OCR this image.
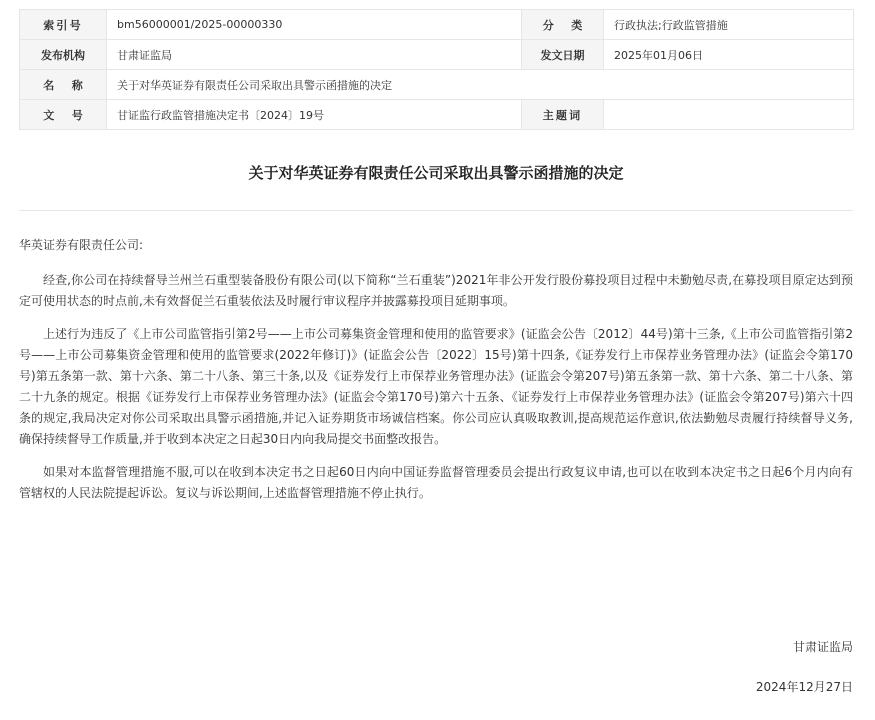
索引号	bm56000001/2025-00000330	分类	行政执法;行政监管措施
发布机构	甘肃证监局	发文日期	2025年01月06日
名称	关于对华英证券有限责任公司采取出具警示函措施的决定		
文号	甘证监行政监管措施决定书〔2024〕19号	主题词	
关于对华英证券有限责任公司采取出具警示函措施的决定

华英证券有限责任公司:

经查,你公司在持续督导兰州兰石重型装备股份有限公司(以下简称“兰石重装”)2021年非公开发行股份募投项目过程中未勤勉尽责,在募投项目原定达到预定可使用状态的时点前,未有效督促兰石重装依法及时履行审议程序并披露募投项目延期事项。

上述行为违反了《上市公司监管指引第2号——上市公司募集资金管理和使用的监管要求》(证监会公告〔2012〕44号)第十三条,《上市公司监管指引第2号——上市公司募集资金管理和使用的监管要求(2022年修订)》(证监会公告〔2022〕15号)第十四条,《证券发行上市保荐业务管理办法》(证监会令第170号)第五条第一款、第十六条、第二十八条、第三十条,以及《证券发行上市保荐业务管理办法》(证监会令第207号)第五条第一款、第十六条、第二十八条、第二十九条的规定。根据《证券发行上市保荐业务管理办法》(证监会令第170号)第六十五条、《证券发行上市保荐业务管理办法》(证监会令第207号)第六十四条的规定,我局决定对你公司采取出具警示函措施,并记入证券期货市场诚信档案。你公司应认真吸取教训,提高规范运作意识,依法勤勉尽责履行持续督导义务,确保持续督导工作质量,并于收到本决定之日起30日内向我局提交书面整改报告。

如果对本监督管理措施不服,可以在收到本决定书之日起60日内向中国证券监督管理委员会提出行政复议申请,也可以在收到本决定书之日起6个月内向有管辖权的人民法院提起诉讼。复议与诉讼期间,上述监督管理措施不停止执行。

甘肃证监局
2024年12月27日
